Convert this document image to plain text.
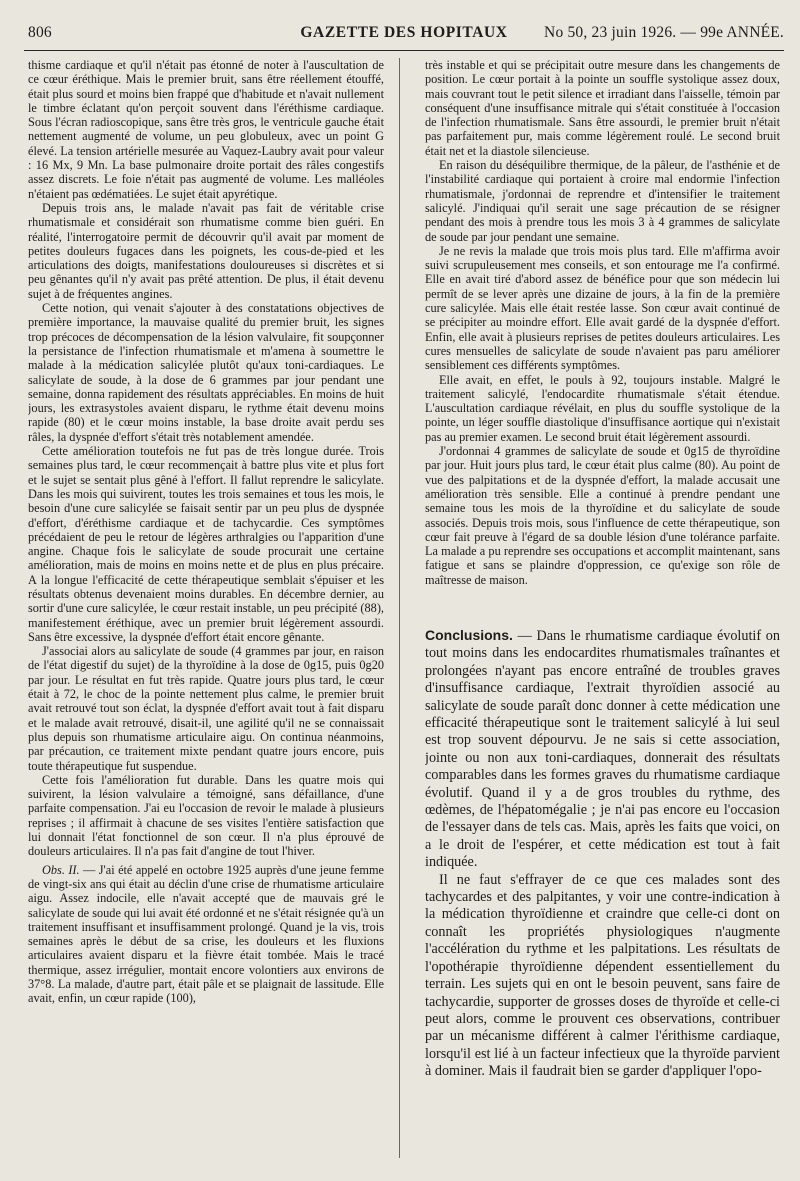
806	GAZETTE DES HOPITAUX	No 50, 23 juin 1926. — 99e ANNÉE.

thisme cardiaque et qu'il n'était pas étonné de noter à l'auscultation de ce cœur éréthique. Mais le premier bruit, sans être réellement étouffé, était plus sourd et moins bien frappé que d'habitude et n'avait nullement le timbre éclatant qu'on perçoit souvent dans l'éréthisme cardiaque. Sous l'écran radioscopique, sans être très gros, le ventricule gauche était nettement augmenté de volume, un peu globuleux, avec un point G élevé. La tension artérielle mesurée au Vaquez-Laubry avait pour valeur : 16 Mx, 9 Mn. La base pulmonaire droite portait des râles congestifs assez discrets. Le foie n'était pas augmenté de volume. Les malléoles n'étaient pas œdématiées. Le sujet était apyrétique.

Depuis trois ans, le malade n'avait pas fait de véritable crise rhumatismale et considérait son rhumatisme comme bien guéri. En réalité, l'interrogatoire permit de découvrir qu'il avait par moment de petites douleurs fugaces dans les poignets, les cous-de-pied et les articulations des doigts, manifestations douloureuses si discrètes et si peu gênantes qu'il n'y avait pas prêté attention. De plus, il était devenu sujet à de fréquentes angines.

Cette notion, qui venait s'ajouter à des constatations objectives de première importance, la mauvaise qualité du premier bruit, les signes trop précoces de décompensation de la lésion valvulaire, fit soupçonner la persistance de l'infection rhumatismale et m'amena à soumettre le malade à la médication salicylée plutôt qu'aux toni-cardiaques. Le salicylate de soude, à la dose de 6 grammes par jour pendant une semaine, donna rapidement des résultats appréciables. En moins de huit jours, les extrasystoles avaient disparu, le rythme était devenu moins rapide (80) et le cœur moins instable, la base droite avait perdu ses râles, la dyspnée d'effort s'était très notablement amendée.

Cette amélioration toutefois ne fut pas de très longue durée. Trois semaines plus tard, le cœur recommençait à battre plus vite et plus fort et le sujet se sentait plus gêné à l'effort. Il fallut reprendre le salicylate. Dans les mois qui suivirent, toutes les trois semaines et tous les mois, le besoin d'une cure salicylée se faisait sentir par un peu plus de dyspnée d'effort, d'éréthisme cardiaque et de tachycardie. Ces symptômes précédaient de peu le retour de légères arthralgies ou l'apparition d'une angine. Chaque fois le salicylate de soude procurait une certaine amélioration, mais de moins en moins nette et de plus en plus précaire. A la longue l'efficacité de cette thérapeutique semblait s'épuiser et les résultats obtenus devenaient moins durables. En décembre dernier, au sortir d'une cure salicylée, le cœur restait instable, un peu précipité (88), manifestement éréthique, avec un premier bruit légèrement assourdi. Sans être excessive, la dyspnée d'effort était encore gênante.

J'associai alors au salicylate de soude (4 grammes par jour, en raison de l'état digestif du sujet) de la thyroïdine à la dose de 0g15, puis 0g20 par jour. Le résultat en fut très rapide. Quatre jours plus tard, le cœur était à 72, le choc de la pointe nettement plus calme, le premier bruit avait retrouvé tout son éclat, la dyspnée d'effort avait tout à fait disparu et le malade avait retrouvé, disait-il, une agilité qu'il ne se connaissait plus depuis son rhumatisme articulaire aigu. On continua néanmoins, par précaution, ce traitement mixte pendant quatre jours encore, puis toute thérapeutique fut suspendue.

Cette fois l'amélioration fut durable. Dans les quatre mois qui suivirent, la lésion valvulaire a témoigné, sans défaillance, d'une parfaite compensation. J'ai eu l'occasion de revoir le malade à plusieurs reprises ; il affirmait à chacune de ses visites l'entière satisfaction que lui donnait l'état fonctionnel de son cœur. Il n'a plus éprouvé de douleurs articulaires. Il n'a pas fait d'angine de tout l'hiver.

Obs. II. — J'ai été appelé en octobre 1925 auprès d'une jeune femme de vingt-six ans qui était au déclin d'une crise de rhumatisme articulaire aigu. Assez indocile, elle n'avait accepté que de mauvais gré le salicylate de soude qui lui avait été ordonné et ne s'était résignée qu'à un traitement insuffisant et insuffisamment prolongé. Quand je la vis, trois semaines après le début de sa crise, les douleurs et les fluxions articulaires avaient disparu et la fièvre était tombée. Mais le tracé thermique, assez irrégulier, montait encore volontiers aux environs de 37°8. La malade, d'autre part, était pâle et se plaignait de lassitude. Elle avait, enfin, un cœur rapide (100),

très instable et qui se précipitait outre mesure dans les changements de position. Le cœur portait à la pointe un souffle systolique assez doux, mais couvrant tout le petit silence et irradiant dans l'aisselle, témoin par conséquent d'une insuffisance mitrale qui s'était constituée à l'occasion de l'infection rhumatismale. Sans être assourdi, le premier bruit n'était pas parfaitement pur, mais comme légèrement roulé. Le second bruit était net et la diastole silencieuse.

En raison du déséquilibre thermique, de la pâleur, de l'asthénie et de l'instabilité cardiaque qui portaient à croire mal endormie l'infection rhumatismale, j'ordonnai de reprendre et d'intensifier le traitement salicylé. J'indiquai qu'il serait une sage précaution de se résigner pendant des mois à prendre tous les mois 3 à 4 grammes de salicylate de soude par jour pendant une semaine.

Je ne revis la malade que trois mois plus tard. Elle m'affirma avoir suivi scrupuleusement mes conseils, et son entourage me l'a confirmé. Elle en avait tiré d'abord assez de bénéfice pour que son médecin lui permît de se lever après une dizaine de jours, à la fin de la première cure salicylée. Mais elle était restée lasse. Son cœur avait continué de se précipiter au moindre effort. Elle avait gardé de la dyspnée d'effort. Enfin, elle avait à plusieurs reprises de petites douleurs articulaires. Les cures mensuelles de salicylate de soude n'avaient pas paru améliorer sensiblement ces différents symptômes.

Elle avait, en effet, le pouls à 92, toujours instable. Malgré le traitement salicylé, l'endocardite rhumatismale s'était étendue. L'auscultation cardiaque révélait, en plus du souffle systolique de la pointe, un léger souffle diastolique d'insuffisance aortique qui n'existait pas au premier examen. Le second bruit était légèrement assourdi.

J'ordonnai 4 grammes de salicylate de soude et 0g15 de thyroïdine par jour. Huit jours plus tard, le cœur était plus calme (80). Au point de vue des palpitations et de la dyspnée d'effort, la malade accusait une amélioration très sensible. Elle a continué à prendre pendant une semaine tous les mois de la thyroïdine et du salicylate de soude associés. Depuis trois mois, sous l'influence de cette thérapeutique, son cœur fait preuve à l'égard de sa double lésion d'une tolérance parfaite. La malade a pu reprendre ses occupations et accomplit maintenant, sans fatigue et sans se plaindre d'oppression, ce qu'exige son rôle de maîtresse de maison.

Conclusions. — Dans le rhumatisme cardiaque évolutif on tout moins dans les endocardites rhumatismales traînantes et prolongées n'ayant pas encore entraîné de troubles graves d'insuffisance cardiaque, l'extrait thyroïdien associé au salicylate de soude paraît donc donner à cette médication une efficacité thérapeutique sont le traitement salicylé à lui seul est trop souvent dépourvu. Je ne sais si cette association, jointe ou non aux toni-cardiaques, donnerait des résultats comparables dans les formes graves du rhumatisme cardiaque évolutif. Quand il y a de gros troubles du rythme, des œdèmes, de l'hépatomégalie ; je n'ai pas encore eu l'occasion de l'essayer dans de tels cas. Mais, après les faits que voici, on a le droit de l'espérer, et cette médication est tout à fait indiquée.

Il ne faut s'effrayer de ce que ces malades sont des tachycardes et des palpitantes, y voir une contre-indication à la médication thyroïdienne et craindre que celle-ci dont on connaît les propriétés physiologiques n'augmente l'accélération du rythme et les palpitations. Les résultats de l'opothérapie thyroïdienne dépendent essentiellement du terrain. Les sujets qui en ont le besoin peuvent, sans faire de tachycardie, supporter de grosses doses de thyroïde et celle-ci peut alors, comme le prouvent ces observations, contribuer par un mécanisme différent à calmer l'érithisme cardiaque, lorsqu'il est lié à un facteur infectieux que la thyroïde parvient à dominer. Mais il faudrait bien se garder d'appliquer l'opo-
